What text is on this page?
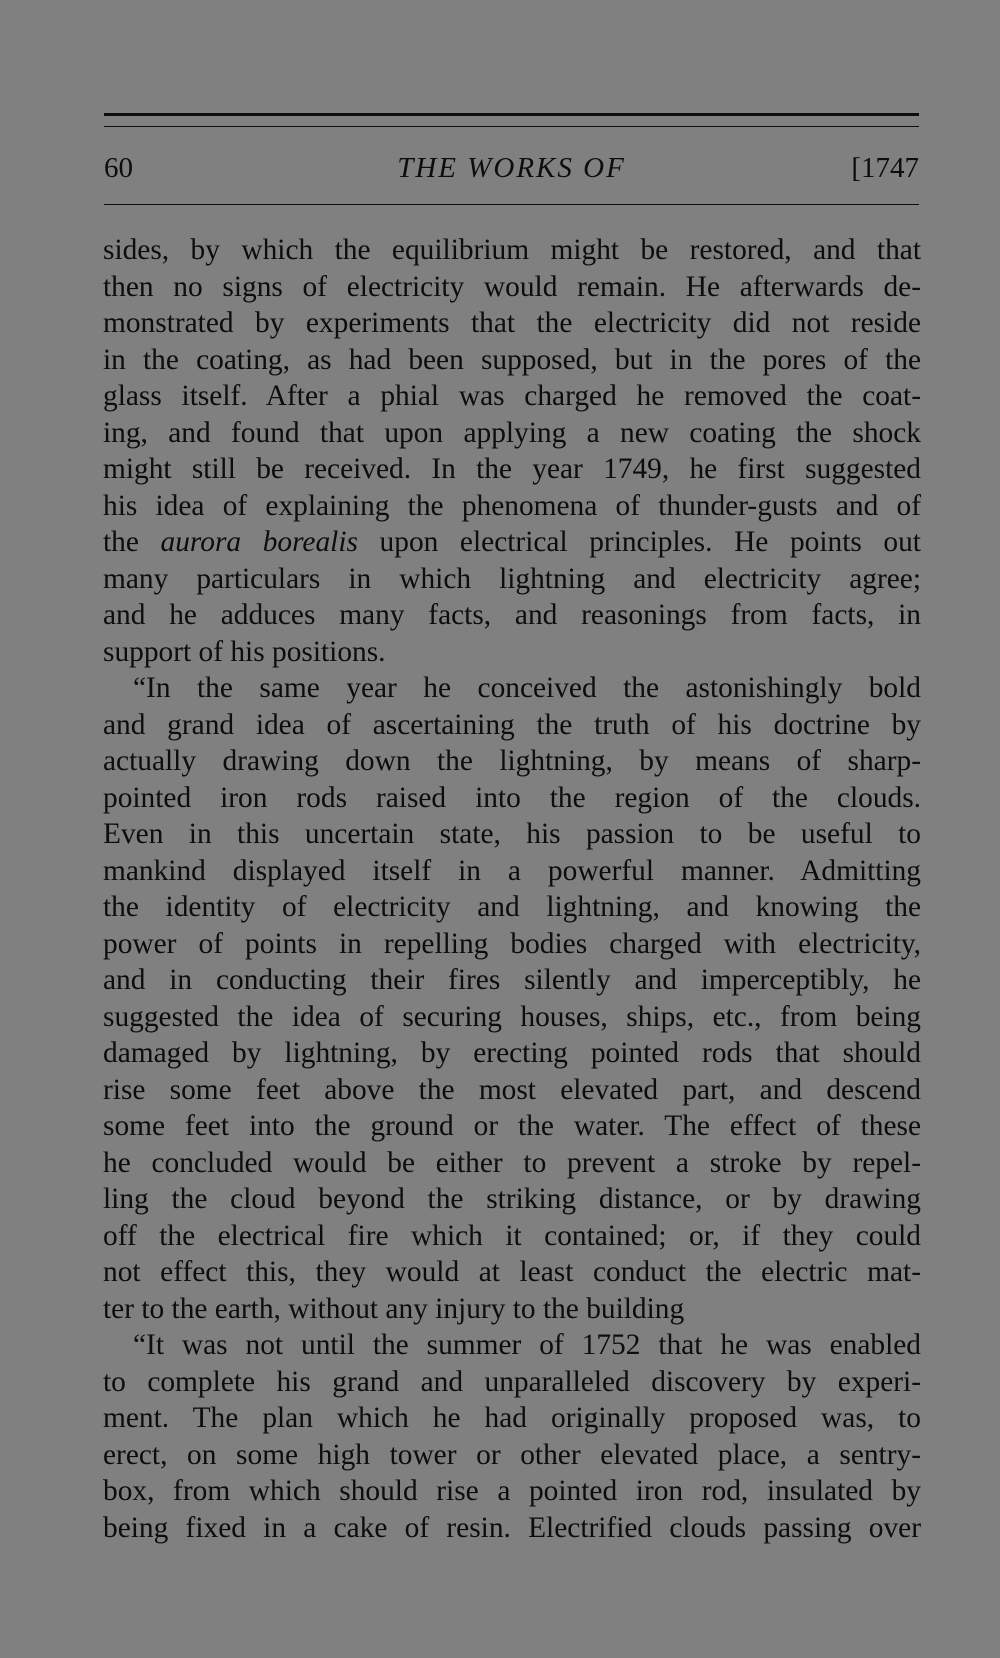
60	THE WORKS OF	[1747
sides, by which the equilibrium might be restored, and that
then no signs of electricity would remain. He afterwards de-
monstrated by experiments that the electricity did not reside
in the coating, as had been supposed, but in the pores of the
glass itself. After a phial was charged he removed the coat-
ing, and found that upon applying a new coating the shock
might still be received. In the year 1749, he first suggested
his idea of explaining the phenomena of thunder-gusts and of
the aurora borealis upon electrical principles. He points out
many particulars in which lightning and electricity agree;
and he adduces many facts, and reasonings from facts, in
support of his positions.
“In the same year he conceived the astonishingly bold
and grand idea of ascertaining the truth of his doctrine by
actually drawing down the lightning, by means of sharp-
pointed iron rods raised into the region of the clouds.
Even in this uncertain state, his passion to be useful to
mankind displayed itself in a powerful manner. Admitting
the identity of electricity and lightning, and knowing the
power of points in repelling bodies charged with electricity,
and in conducting their fires silently and imperceptibly, he
suggested the idea of securing houses, ships, etc., from being
damaged by lightning, by erecting pointed rods that should
rise some feet above the most elevated part, and descend
some feet into the ground or the water. The effect of these
he concluded would be either to prevent a stroke by repel-
ling the cloud beyond the striking distance, or by drawing
off the electrical fire which it contained; or, if they could
not effect this, they would at least conduct the electric mat-
ter to the earth, without any injury to the building
“It was not until the summer of 1752 that he was enabled
to complete his grand and unparalleled discovery by experi-
ment. The plan which he had originally proposed was, to
erect, on some high tower or other elevated place, a sentry-
box, from which should rise a pointed iron rod, insulated by
being fixed in a cake of resin. Electrified clouds passing over
